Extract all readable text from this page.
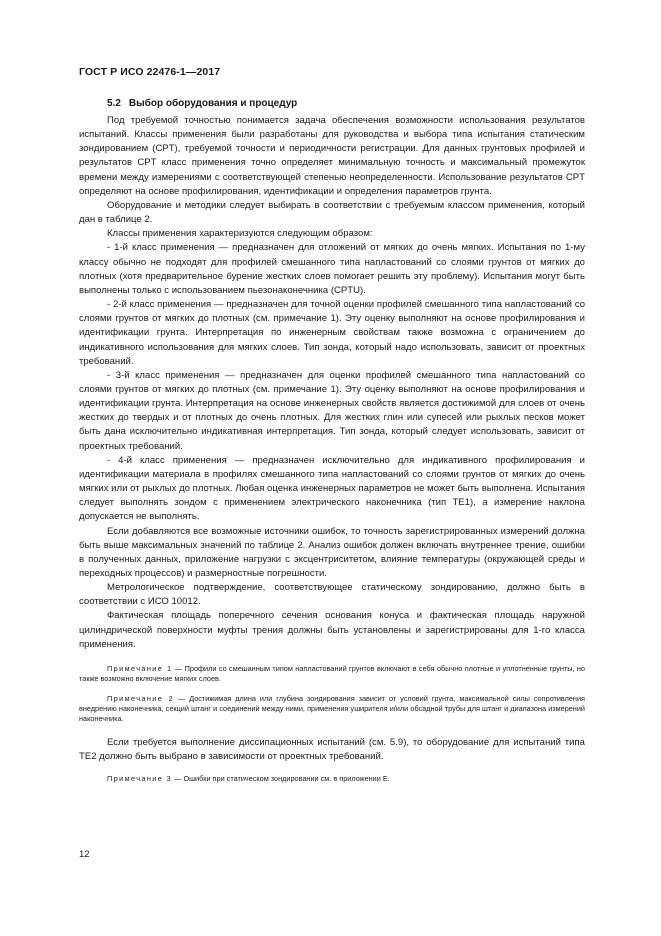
ГОСТ Р ИСО 22476-1—2017
5.2 Выбор оборудования и процедур

Под требуемой точностью понимается задача обеспечения возможности использования результатов испытаний. Классы применения были разработаны для руководства и выбора типа испытания статическим зондированием (CPT), требуемой точности и периодичности регистрации. Для данных грунтовых профилей и результатов CPT класс применения точно определяет минимальную точность и максимальный промежуток времени между измерениями с соответствующей степенью неопределенности. Использование результатов CPT определяют на основе профилирования, идентификации и определения параметров грунта.

Оборудование и методики следует выбирать в соответствии с требуемым классом применения, который дан в таблице 2.

Классы применения характеризуются следующим образом:

- 1-й класс применения — предназначен для отложений от мягких до очень мягких. Испытания по 1-му классу обычно не подходят для профилей смешанного типа напластований со слоями грунтов от мягких до плотных (хотя предварительное бурение жестких слоев помогает решить эту проблему). Испытания могут быть выполнены только с использованием пьезонаконечника (CPTU).

- 2-й класс применения — предназначен для точной оценки профилей смешанного типа напластований со слоями грунтов от мягких до плотных (см. примечание 1). Эту оценку выполняют на основе профилирования и идентификации грунта. Интерпретация по инженерным свойствам также возможна с ограничением до индикативного использования для мягких слоев. Тип зонда, который надо использовать, зависит от проектных требований.

- 3-й класс применения — предназначен для оценки профилей смешанного типа напластований со слоями грунтов от мягких до плотных (см. примечание 1). Эту оценку выполняют на основе профилирования и идентификации грунта. Интерпретация на основе инженерных свойств является достижимой для слоев от очень жестких до твердых и от плотных до очень плотных. Для жестких глин или супесей или рыхлых песков может быть дана исключительно индикативная интерпретация. Тип зонда, который следует использовать, зависит от проектных требований.

- 4-й класс применения — предназначен исключительно для индикативного профилирования и идентификации материала в профилях смешанного типа напластований со слоями грунтов от мягких до очень мягких или от рыхлых до плотных. Любая оценка инженерных параметров не может быть выполнена. Испытания следует выполнять зондом с применением электрического наконечника (тип TE1), а измерение наклона допускается не выполнять.

Если добавляются все возможные источники ошибок, то точность зарегистрированных измерений должна быть выше максимальных значений по таблице 2. Анализ ошибок должен включать внутреннее трение, ошибки в полученных данных, приложение нагрузки с эксцентриситетом, влияние температуры (окружающей среды и переходных процессов) и размерностные погрешности.

Метрологическое подтверждение, соответствующее статическому зондированию, должно быть в соответствии с ИСО 10012.

Фактическая площадь поперечного сечения основания конуса и фактическая площадь наружной цилиндрической поверхности муфты трения должны быть установлены и зарегистрированы для 1-го класса применения.

Примечание 1 — Профили со смешанным типом напластований грунтов включают в себя обычно плотные и уплотненные грунты, но также возможно включение мягких слоев.

Примечание 2 — Достижимая длина или глубина зондирования зависит от условий грунта, максимальной силы сопротивления внедрению наконечника, секций штанг и соединений между ними, применения уширителя и/или обсадной трубы для штанг и диапазона измерений наконечника.

Если требуется выполнение диссипационных испытаний (см. 5.9), то оборудование для испытаний типа TE2 должно быть выбрано в зависимости от проектных требований.

Примечание 3 — Ошибки при статическом зондировании см. в приложении Е.

12
